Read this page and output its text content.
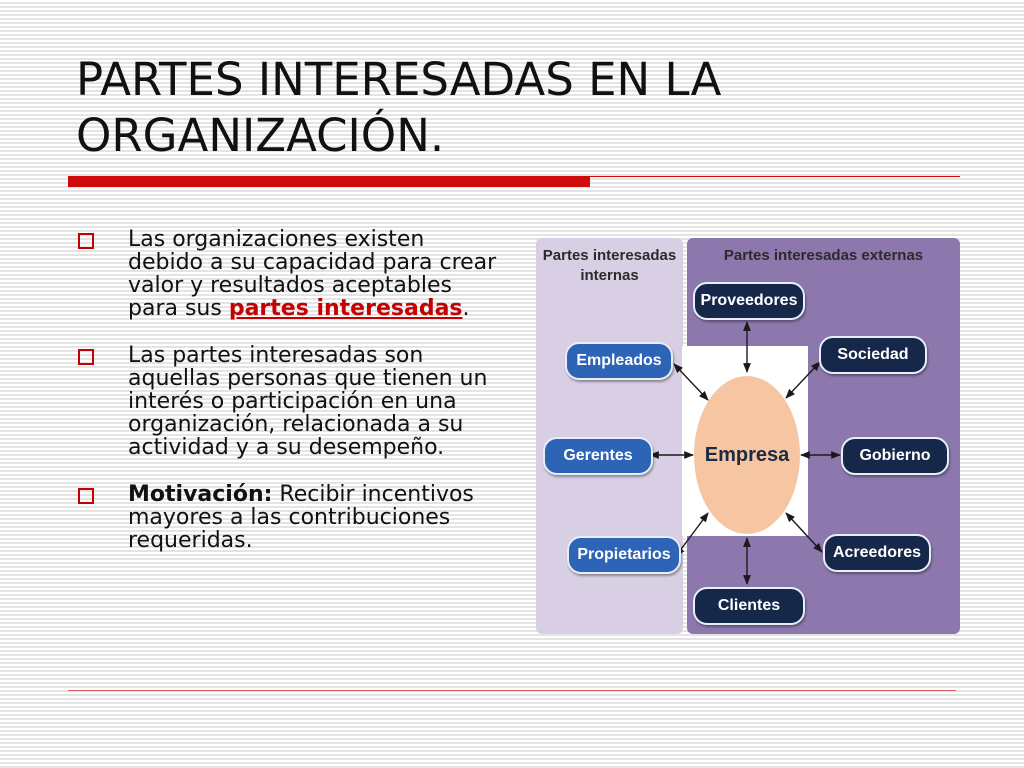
PARTES INTERESADAS EN LA ORGANIZACIÓN.
Las organizaciones existen debido a su capacidad para crear valor y resultados aceptables para sus partes interesadas.
Las partes interesadas son aquellas personas que tienen un interés o participación en una organización, relacionada a su actividad y a su desempeño.
Motivación: Recibir incentivos mayores a las contribuciones requeridas.
Partes interesadas internas
Partes interesadas externas
Empresa
Empleados
Gerentes
Propietarios
Proveedores
Sociedad
Gobierno
Acreedores
Clientes
